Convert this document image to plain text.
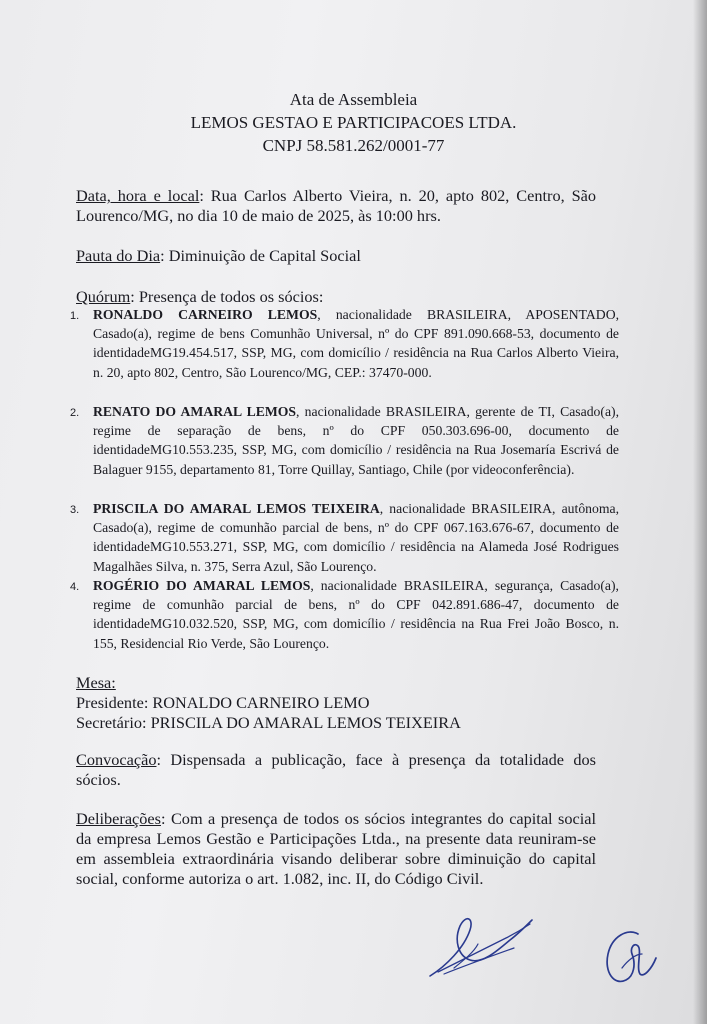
Ata de Assembleia
LEMOS GESTAO E PARTICIPACOES LTDA.
CNPJ 58.581.262/0001-77
Data, hora e local: Rua Carlos Alberto Vieira, n. 20, apto 802, Centro, São Lourenco/MG, no dia 10 de maio de 2025, às 10:00 hrs.
Pauta do Dia: Diminuição de Capital Social
Quórum: Presença de todos os sócios:
1. RONALDO CARNEIRO LEMOS, nacionalidade BRASILEIRA, APOSENTADO, Casado(a), regime de bens Comunhão Universal, nº do CPF 891.090.668-53, documento de identidadeMG19.454.517, SSP, MG, com domicílio / residência na Rua Carlos Alberto Vieira, n. 20, apto 802, Centro, São Lourenco/MG, CEP.: 37470-000.
2. RENATO DO AMARAL LEMOS, nacionalidade BRASILEIRA, gerente de TI, Casado(a), regime de separação de bens, nº do CPF 050.303.696-00, documento de identidadeMG10.553.235, SSP, MG, com domicílio / residência na Rua Josemaría Escrivá de Balaguer 9155, departamento 81, Torre Quillay, Santiago, Chile (por videoconferência).
3. PRISCILA DO AMARAL LEMOS TEIXEIRA, nacionalidade BRASILEIRA, autônoma, Casado(a), regime de comunhão parcial de bens, nº do CPF 067.163.676-67, documento de identidadeMG10.553.271, SSP, MG, com domicílio / residência na Alameda José Rodrigues Magalhães Silva, n. 375, Serra Azul, São Lourenço.
4. ROGÉRIO DO AMARAL LEMOS, nacionalidade BRASILEIRA, segurança, Casado(a), regime de comunhão parcial de bens, nº do CPF 042.891.686-47, documento de identidadeMG10.032.520, SSP, MG, com domicílio / residência na Rua Frei João Bosco, n. 155, Residencial Rio Verde, São Lourenço.
Mesa:
Presidente: RONALDO CARNEIRO LEMO
Secretário: PRISCILA DO AMARAL LEMOS TEIXEIRA
Convocação: Dispensada a publicação, face à presença da totalidade dos sócios.
Deliberações: Com a presença de todos os sócios integrantes do capital social da empresa Lemos Gestão e Participações Ltda., na presente data reuniram-se em assembleia extraordinária visando deliberar sobre diminuição do capital social, conforme autoriza o art. 1.082, inc. II, do Código Civil.
